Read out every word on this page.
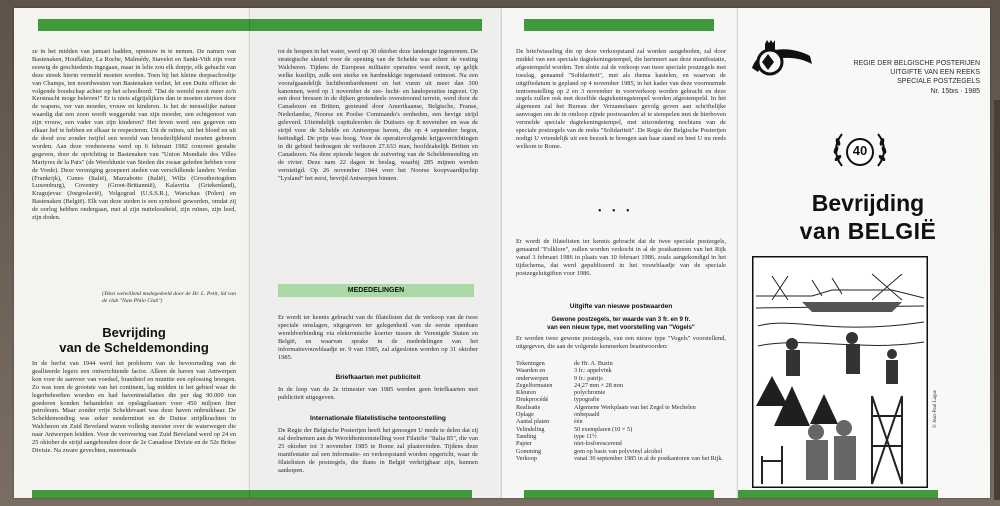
ze in het midden van januari hadden, opnieuw in te nemen. De namen van Bastenaken, Houffalize, La Roche, Malmédy, Stavelot en Sankt-Vith zijn voor eeuwig de geschiedenis ingegaan, maar in lelie zou elk dorpje, elk gehucht van deze streek hierin vermeld moeten worden. Toen hij het kleine dorpsschooltje van Champs, ten noordwesten van Bastenaken verliet, let een Duits officier de volgende boodschap achter op het schoolbord: "Dat de wereld nooit meer zo'n Kerstnacht moge beleven!" Er is niets afgrijslijkers dan te moeten sterven door de wapens, ver van moeder, vrouw en kinderen. Is het de menselijke natuur waardig dat een zoon wordt weggerukt van zijn moeder, een echtgenoot van zijn vrouw, een vader van zijn kinderen? Het leven werd ons gegeven om elkaar lief te hebben en elkaar te respecteren. Uit de ruïnes, uit het bloed en uit de dood zou zonder twijfel een wereld van broederlijkheid moeten geboren worden. Aan deze vredeswens werd op 6 februari 1982 concreet gestalte gegeven, door de oprichting te Bastenaken van "Union Mondiale des Villes Martyres de la Paix" (de Wereldunie van Steden die zwaar geleden hebben voor de Vrede). Deze vereniging groepeert steden van verschillende landen: Verdun (Frankrijk), Cuneo (Italië), Marzabotto (Italië), Wiltz (Groothertogdom Luxemburg), Coventry (Groot-Brittannië), Kalavrita (Griekenland), Kragujevac (Joegoslavië), Volgograd (U.S.S.R.), Warschau (Polen) en Bastenaken (België). Elk van deze steden is een symbool geworden, omdat zij de oorlog hebben ondergaan, met al zijn nutteloosheid, zijn ruïnes, zijn leed, zijn doden.
(Tekst welwillend medegedeeld door de Hr. L. Petit, lid van de club "Nuts Philo Club")
Bevrijding
van de Scheldemonding
In de herfst van 1944 werd het probleem van de bevoorrading van de geallieerde legers een ontwrichtende factor. Alleen de haven van Antwerpen kon voor de aanvoer van voedsel, brandstof en munitie een oplossing brengen. Zo was toen de grootste van het continent, lag midden in het gebied waar de legerbehoeften woeden en had haveninstallaties die per dag 90.000 ton goederen konden behandelen en opslagplaatsen voor 450 miljoen liter petroleum. Maar zonder vrije Scheldevaart was deze haven onbruikbaar. De Scheldemonding was zeker eenderminst en de Duitse strijdkrachten in Walcheren en Zuid Beveland waren volledig meester over de waterwegen die naar Antwerpen leidden. Voor de verovering van Zuid Beveland werd op 24 en 25 oktober de strijd aangebonden door de 2e Canadese Divisie en de 52e Britse Divisie. Na zware gevechten, meermaals
tot de heupen in het water, werd op 30 oktober deze landengte ingenomen. De strategische sleutel voor de opening van de Schelde was echter de vesting Walcheren. Tijdens de Europese militaire operaties werd nooit, op gelijk welke kustlijn, zulk een sterke en hardnekkige tegenstand ontmoet. Na een voorafgaandelijk luchtbombardement en het vuren uit meer dan 300 kanonnen, werd op 1 november de zee- lucht- en landoperaties ingezet. Op een door bressen in de dijken grotendeels overstroomd terrein, werd door de Canadezen en Britten, gesteund door Amerikaanse, Belgische, Franse, Nederlandse, Noorse en Poolse Commando's eenheden, een hevige strijd geleverd. Uiteindelijk capituleerden de Duitsers op 8 november en was de strijd voor de Schelde en Antwerpse haven, die op 4 september begon, beëindigd. De prijs was hoog. Voor de operatievolgende krijgsverrichtingen in dit gebied bedroegen de verliezen 27.633 man, hoofdzakelijk Britten en Canadezen. Na deze episode begon de zuivering van de Scheldemonding en de rivier. Deze nam 22 dagen in beslag, waarbij 285 mijnen werden vernietigd. Op 26 november 1944 voer het Noorse koopvaardijschip "Lysland" het eerst, bevrijd Antwerpen binnen.
MEDEDELINGEN
Er wordt ter kennis gebracht van de filatelisten dat de verkoop van de twee speciale omslagen, uitgegeven ter gelegenheid van de eerste openbare wereldverbinding via elektronische koerier tussen de Verenigde Staten en België, en waarvan sprake in de mededelingen van het informatievouwblaadje nr. 9 van 1985, zal afgesloten worden op 31 oktober 1985.
Briefkaarten met publiciteit
In de loop van de 2e trimester van 1985 werden geen briefkaarten met publiciteit uitgegeven.
Internationale filatelistische tentoonstelling
De Regie der Belgische Posterijen heeft het genoegen U mede te delen dat zij zal deelnemen aan de Wereldtentoonstelling voor Filatelie "Italia 85", die van 25 oktober tot 3 november 1985 te Rome zal plaatsvinden. Tijdens deze manifestatie zal een informatie- en verkoopstand worden opgericht, waar de filatelisten de postzegels, die thans in België verkrijgbaar zijn, kunnen aankopen.
De briefwisseling die op deze verkoopstand zal worden aangeboden, zal door middel van een speciale dagtekeningstempel, die herinnert aan deze manifestatie, afgestempeld worden. Ten slotte zal de verkoop van twee speciale postzegels met toeslag, genaamd "Solidariteit", met als thema kastelen, en waarvan de uitgiftedatum is gepland op 4 november 1985, in het kader van deze voornoemde tentoonstelling op 2 en 3 november in voorverkoop worden gebracht en deze zegels zullen ook met dezelfde dagtekeningstempel worden afgestempeld. In het algemeen zal het Bureau der Verzamelaars gevolg geven aan schriftelijke aanvragen om de in omloop zijnde postwaarden af te stempelen met de hierboven vermelde speciale dagtekeningstempel, met uitzondering nochtans van de speciale postzegels van de reeks "Solidariteit". De Regie der Belgische Posterijen nodigt U vriendelijk uit een bezoek te brengen aan haar stand en heet U nu reeds welkom te Rome.
• • •
Er wordt de filatelisten ter kennis gebracht dat de twee speciale postzegels, genaamd "Folklore", zullen worden verkocht in al de postkantoren van het Rijk vanaf 3 februari 1986 in plaats van 10 februari 1986, zoals aangekondigd in het tijdschema, dat werd gepubliceerd in het vouwblaadje van de speciale postzegeluitgiften voor 1986.
Uitgifte van nieuwe postwaarden
Gewone postzegels, ter waarde van 3 fr. en 9 fr.
van een nieuw type, met voorstelling van "Vogels"
Er worden twee gewone postzegels, van een nieuw type "Vogels" voorstellend, uitgegeven, die aan de volgende kenmerken beantwoorden:
Tekeningen	de Hr. A. Buzin
Waarden en	3 fr.: appelvink
onderwerpen	9 fr.: patrijs
Zegelformaten	24,27 mm × 28 mm
Kleuren	polychromie
Drukprocédé	typografie
Realisatie	Algemene Werkplaats van het Zegel te Mechelen
Oplage	onbepaald
Aantal platen	één
Velindeling	50 exemplaren (10 × 5)
Tanding	type 11½
Papier	niet-fosforescerend
Gomming	gom op basis van polyvinyl alcohol
Verkoop	vanaf 30 september 1985 in al de postkantoren van het Rijk.
REGIE DER BELGISCHE POSTERIJEN
UITGIFTE VAN EEN REEKS
SPECIALE POSTZEGELS
Nr. 15bis · 1985
40
Bevrijding
van BELGIË
© Jean-Paul Lagae
